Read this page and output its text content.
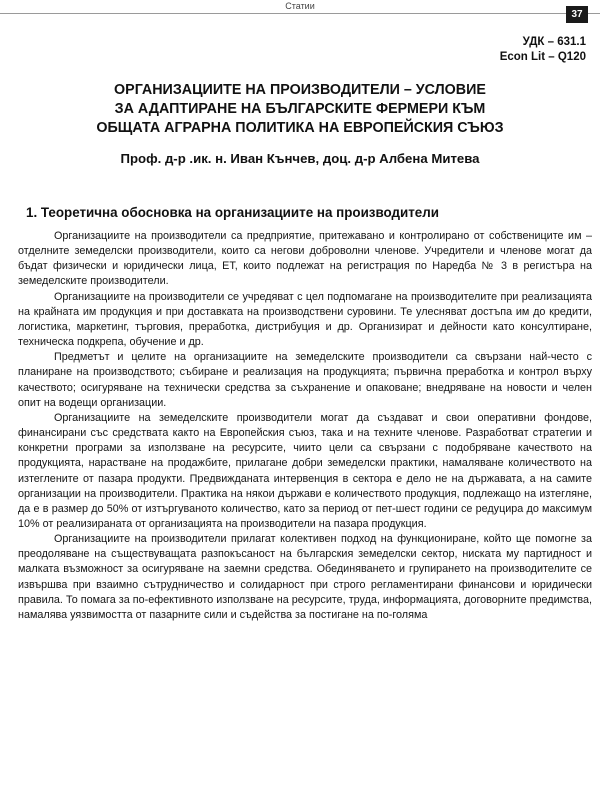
Статии
37
УДК – 631.1
Econ Lit – Q120
ОРГАНИЗАЦИИТЕ НА ПРОИЗВОДИТЕЛИ – УСЛОВИЕ
ЗА АДАПТИРАНЕ НА БЪЛГАРСКИТЕ ФЕРМЕРИ КЪМ
ОБЩАТА АГРАРНА ПОЛИТИКА НА ЕВРОПЕЙСКИЯ СЪЮЗ
Проф. д-р .ик. н. Иван Кънчев, доц. д-р Албена Митева
1. Теоретична обосновка на организациите на производители

Организациите на производители са предприятие, притежавано и контролирано от собствениците им – отделните земеделски производители, които са негови доброволни членове. Учредители и членове могат да бъдат физически и юридически лица, ЕТ, които подлежат на регистрация по Наредба № 3 в регистъра на земеделските производители.

Организациите на производители се учредяват с цел подпомагане на производителите при реализацията на крайната им продукция и при доставката на производствени суровини. Те улесняват достъпа им до кредити, логистика, маркетинг, търговия, преработка, дистрибуция и др. Организират и дейности като консултиране, техническа подкрепа, обучение и др.

Предметът и целите на организациите на земеделските производители са свързани най-често с планиране на производството; събиране и реализация на продукцията; първична преработка и контрол върху качеството; осигуряване на технически средства за съхранение и опаковане; внедряване на новости и челен опит на водещи организации.

Организациите на земеделските производители могат да създават и свои оперативни фондове, финансирани със средствата както на Европейския съюз, така и на техните членове. Разработват стратегии и конкретни програми за използване на ресурсите, чиито цели са свързани с подобряване качеството на продукцията, нарастване на продажбите, прилагане добри земеделски практики, намаляване количеството на изтеглените от пазара продукти. Предвижданата интервенция в сектора е дело не на държавата, а на самите организации на производители. Практика на някои държави е количеството продукция, подлежащо на изтегляне, да е в размер до 50% от изтъргуваното количество, като за период от пет-шест години се редуцира до максимум 10% от реализираната от организацията на производители на пазара продукция.

Организациите на производители прилагат колективен подход на функциониране, който ще помогне за преодоляване на съществуващата разпокъсаност на българския земеделски сектор, ниската му партидност и малката възможност за осигуряване на заемни средства. Обединяването и групирането на производителите се извършва при взаимно сътрудничество и солидарност при строго регламентирани финансови и юридически правила. То помага за по-ефективното използване на ресурсите, труда, информацията, договорните предимства, намалява уязвимостта от пазарните сили и съдейства за постигане на по-голяма
